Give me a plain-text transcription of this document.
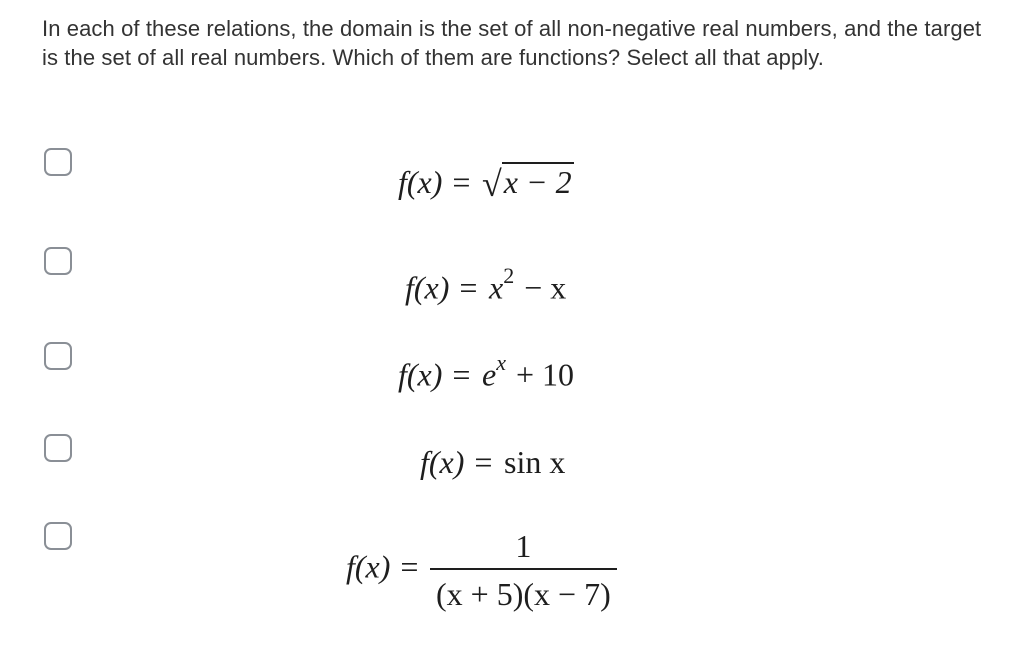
In each of these relations, the domain is the set of all non-negative real numbers, and the target is the set of all real numbers. Which of them are functions? Select all that apply.
f(x) = √x − 2
$f(x) = x^2 - x$
$f(x) = e^x + 10$
f(x) = sin x
$f(x) = \frac{1}{(x + 5)(x - 7)}$
